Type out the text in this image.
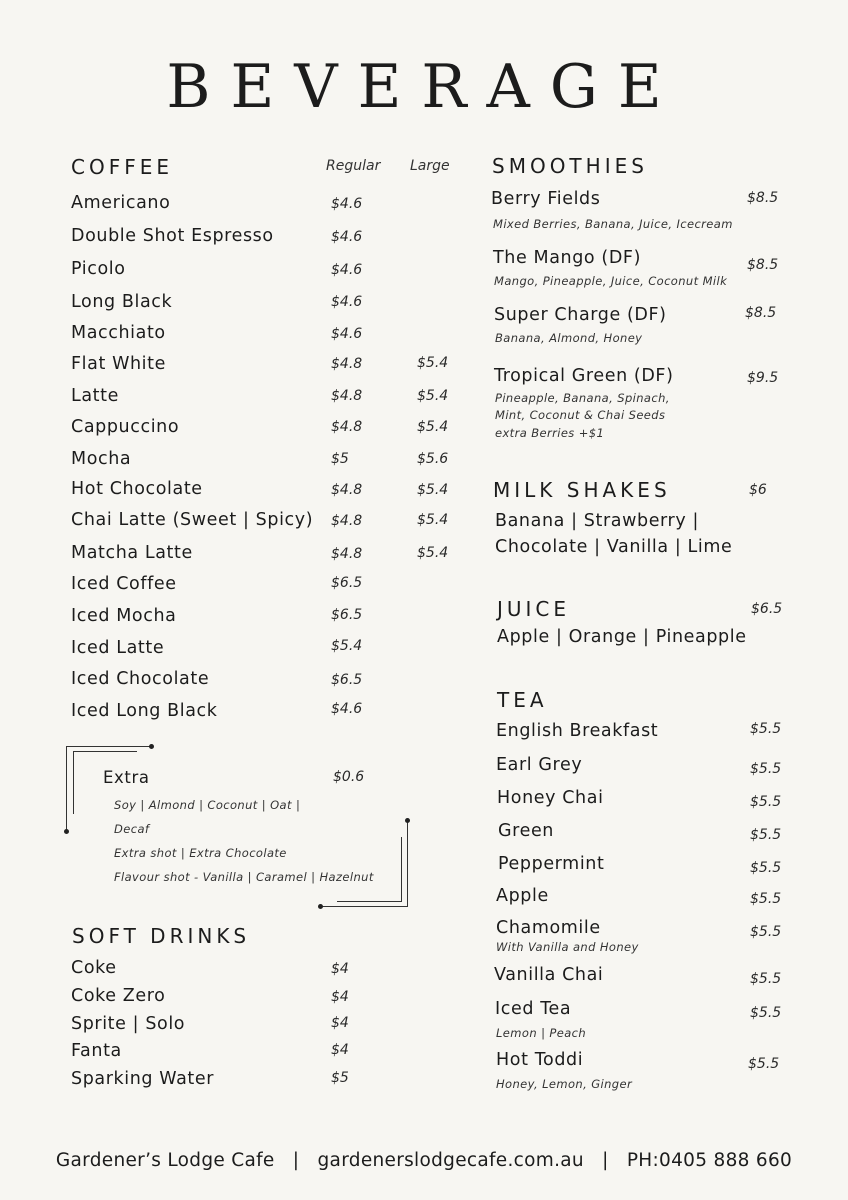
BEVERAGE
COFFEE	Regular Large
Americano	$4.6
Double Shot Espresso	$4.6
Picolo	$4.6
Long Black	$4.6
Macchiato	$4.6
Flat White	$4.8	$5.4
Latte	$4.8	$5.4
Cappuccino	$4.8	$5.4
Mocha	$5	$5.6
Hot Chocolate	$4.8	$5.4
Chai Latte (Sweet | Spicy) $4.8	$5.4
Matcha Latte	$4.8	$5.4
Iced Coffee	$6.5
Iced Mocha	$6.5
Iced Latte	$5.4
Iced Chocolate	$6.5
Iced Long Black	$4.6
Extra	$0.6
Soy | Almond | Coconut | Oat |
Decaf
Extra shot | Extra Chocolate
Flavour shot - Vanilla | Caramel | Hazelnut
SOFT DRINKS
Coke	$4
Coke Zero	$4
Sprite | Solo	$4
Fanta	$4
Sparking Water	$5
SMOOTHIES
Berry Fields	$8.5
Mixed Berries, Banana, Juice, Icecream
The Mango (DF)	$8.5
Mango, Pineapple, Juice, Coconut Milk
Super Charge (DF)	$8.5
Banana, Almond, Honey
Tropical Green (DF)	$9.5
Pineapple, Banana, Spinach,
Mint, Coconut & Chai Seeds
extra Berries +$1
MILK SHAKES	$6
Banana | Strawberry |
Chocolate | Vanilla | Lime
JUICE	$6.5
Apple | Orange | Pineapple
TEA
English Breakfast	$5.5
Earl Grey	$5.5
Honey Chai	$5.5
Green	$5.5
Peppermint	$5.5
Apple	$5.5
Chamomile	$5.5
With Vanilla and Honey
Vanilla Chai	$5.5
Iced Tea	$5.5
Lemon | Peach
Hot Toddi	$5.5
Honey, Lemon, Ginger
Gardener’s Lodge Cafe | gardenerslodgecafe.com.au | PH:0405 888 660
